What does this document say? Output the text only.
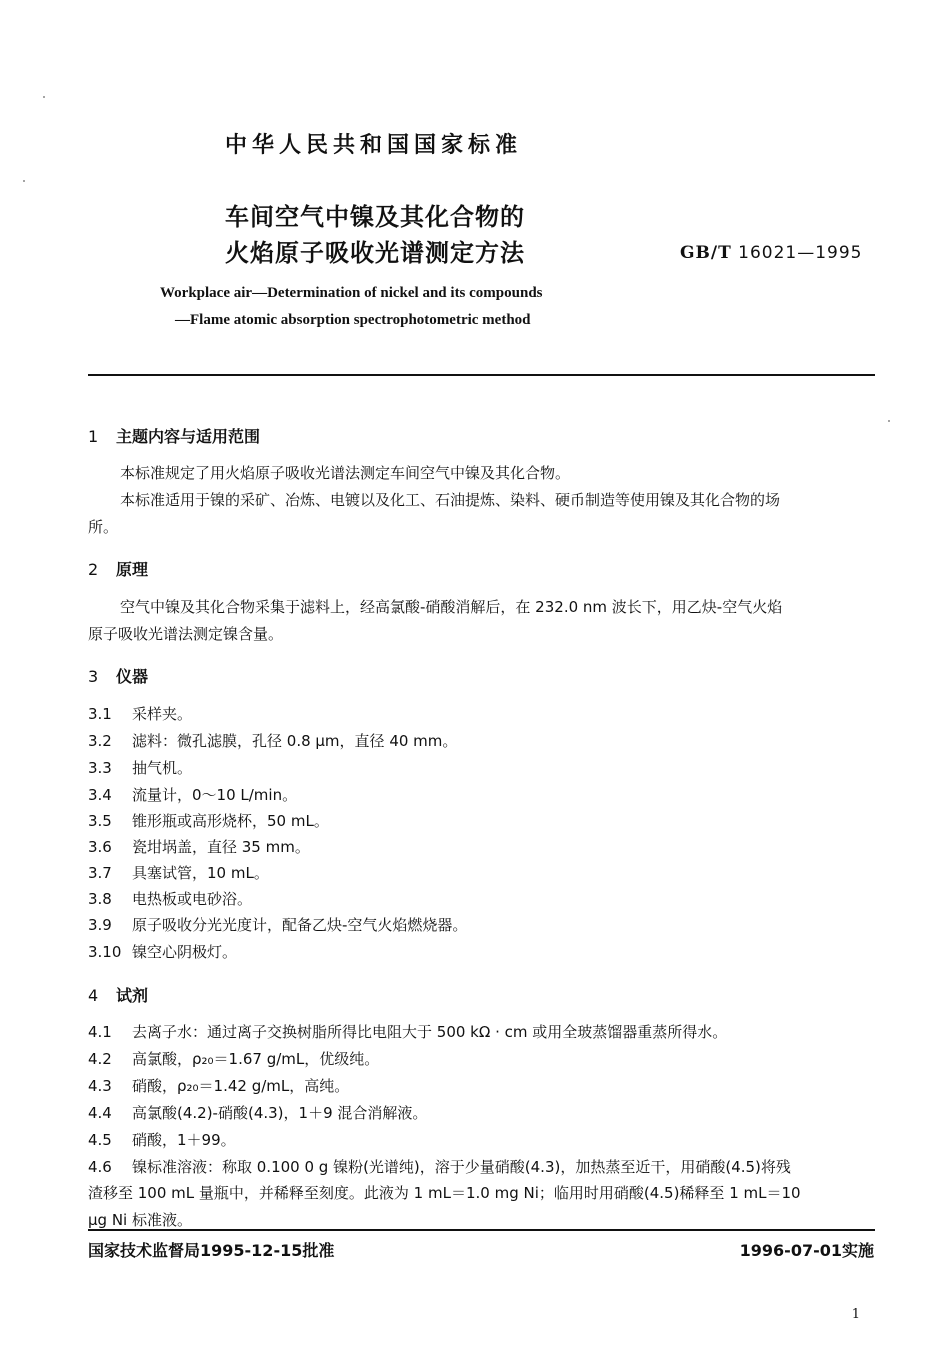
中华人民共和国国家标准
车间空气中镍及其化合物的
火焰原子吸收光谱测定方法	GB/T 16021—1995
Workplace air—Determination of nickel and its compounds
—Flame atomic absorption spectrophotometric method
1 主题内容与适用范围
本标准规定了用火焰原子吸收光谱法测定车间空气中镍及其化合物。
本标准适用于镍的采矿、冶炼、电镀以及化工、石油提炼、染料、硬币制造等使用镍及其化合物的场
所。
2 原理
空气中镍及其化合物采集于滤料上，经高氯酸-硝酸消解后，在 232.0 nm 波长下，用乙炔-空气火焰
原子吸收光谱法测定镍含量。
3 仪器
3.1 采样夹。
3.2 滤料：微孔滤膜，孔径 0.8 μm，直径 40 mm。
3.3 抽气机。
3.4 流量计，0～10 L/min。
3.5 锥形瓶或高形烧杯，50 mL。
3.6 瓷坩埚盖，直径 35 mm。
3.7 具塞试管，10 mL。
3.8 电热板或电砂浴。
3.9 原子吸收分光光度计，配备乙炔-空气火焰燃烧器。
3.10 镍空心阴极灯。
4 试剂
4.1 去离子水：通过离子交换树脂所得比电阻大于 500 kΩ · cm 或用全玻蒸馏器重蒸所得水。
4.2 高氯酸，ρ₂₀＝1.67 g/mL，优级纯。
4.3 硝酸，ρ₂₀＝1.42 g/mL，高纯。
4.4 高氯酸(4.2)-硝酸(4.3)，1＋9 混合消解液。
4.5 硝酸，1＋99。
4.6 镍标准溶液：称取 0.100 0 g 镍粉(光谱纯)，溶于少量硝酸(4.3)，加热蒸至近干，用硝酸(4.5)将残
渣移至 100 mL 量瓶中，并稀释至刻度。此液为 1 mL＝1.0 mg Ni；临用时用硝酸(4.5)稀释至 1 mL＝10
μg Ni 标准液。
国家技术监督局1995-12-15批准	1996-07-01实施
1
